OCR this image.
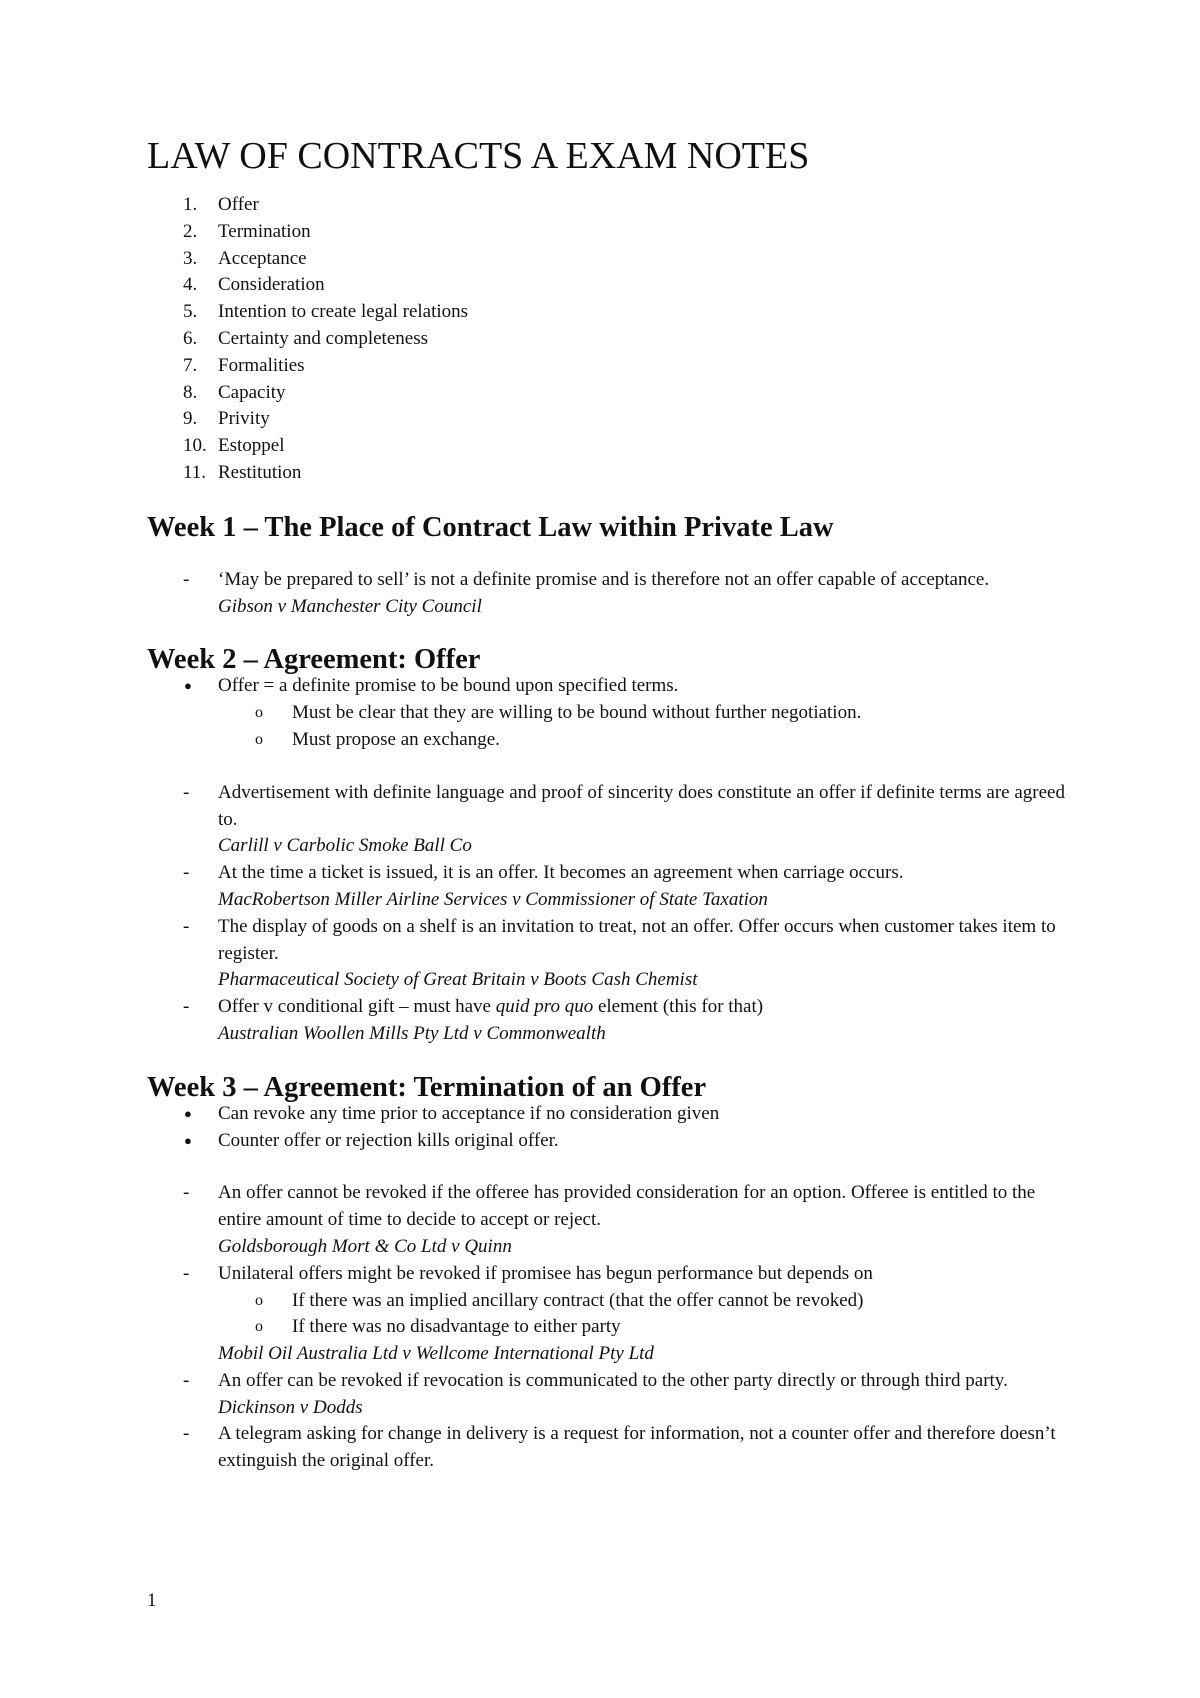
LAW OF CONTRACTS A EXAM NOTES
1. Offer
2. Termination
3. Acceptance
4. Consideration
5. Intention to create legal relations
6. Certainty and completeness
7. Formalities
8. Capacity
9. Privity
10. Estoppel
11. Restitution
Week 1 – The Place of Contract Law within Private Law
- ‘May be prepared to sell’ is not a definite promise and is therefore not an offer capable of acceptance.
Gibson v Manchester City Council
Week 2 – Agreement: Offer
● Offer = a definite promise to be bound upon specified terms.
o Must be clear that they are willing to be bound without further negotiation.
o Must propose an exchange.
- Advertisement with definite language and proof of sincerity does constitute an offer if definite terms are agreed to.
Carlill v Carbolic Smoke Ball Co
- At the time a ticket is issued, it is an offer. It becomes an agreement when carriage occurs.
MacRobertson Miller Airline Services v Commissioner of State Taxation
- The display of goods on a shelf is an invitation to treat, not an offer. Offer occurs when customer takes item to register.
Pharmaceutical Society of Great Britain v Boots Cash Chemist
- Offer v conditional gift – must have quid pro quo element (this for that)
Australian Woollen Mills Pty Ltd v Commonwealth
Week 3 – Agreement: Termination of an Offer
● Can revoke any time prior to acceptance if no consideration given
● Counter offer or rejection kills original offer.
- An offer cannot be revoked if the offeree has provided consideration for an option. Offeree is entitled to the entire amount of time to decide to accept or reject.
Goldsborough Mort & Co Ltd v Quinn
- Unilateral offers might be revoked if promisee has begun performance but depends on
o If there was an implied ancillary contract (that the offer cannot be revoked)
o If there was no disadvantage to either party
Mobil Oil Australia Ltd v Wellcome International Pty Ltd
- An offer can be revoked if revocation is communicated to the other party directly or through third party.
Dickinson v Dodds
- A telegram asking for change in delivery is a request for information, not a counter offer and therefore doesn’t extinguish the original offer.
1
